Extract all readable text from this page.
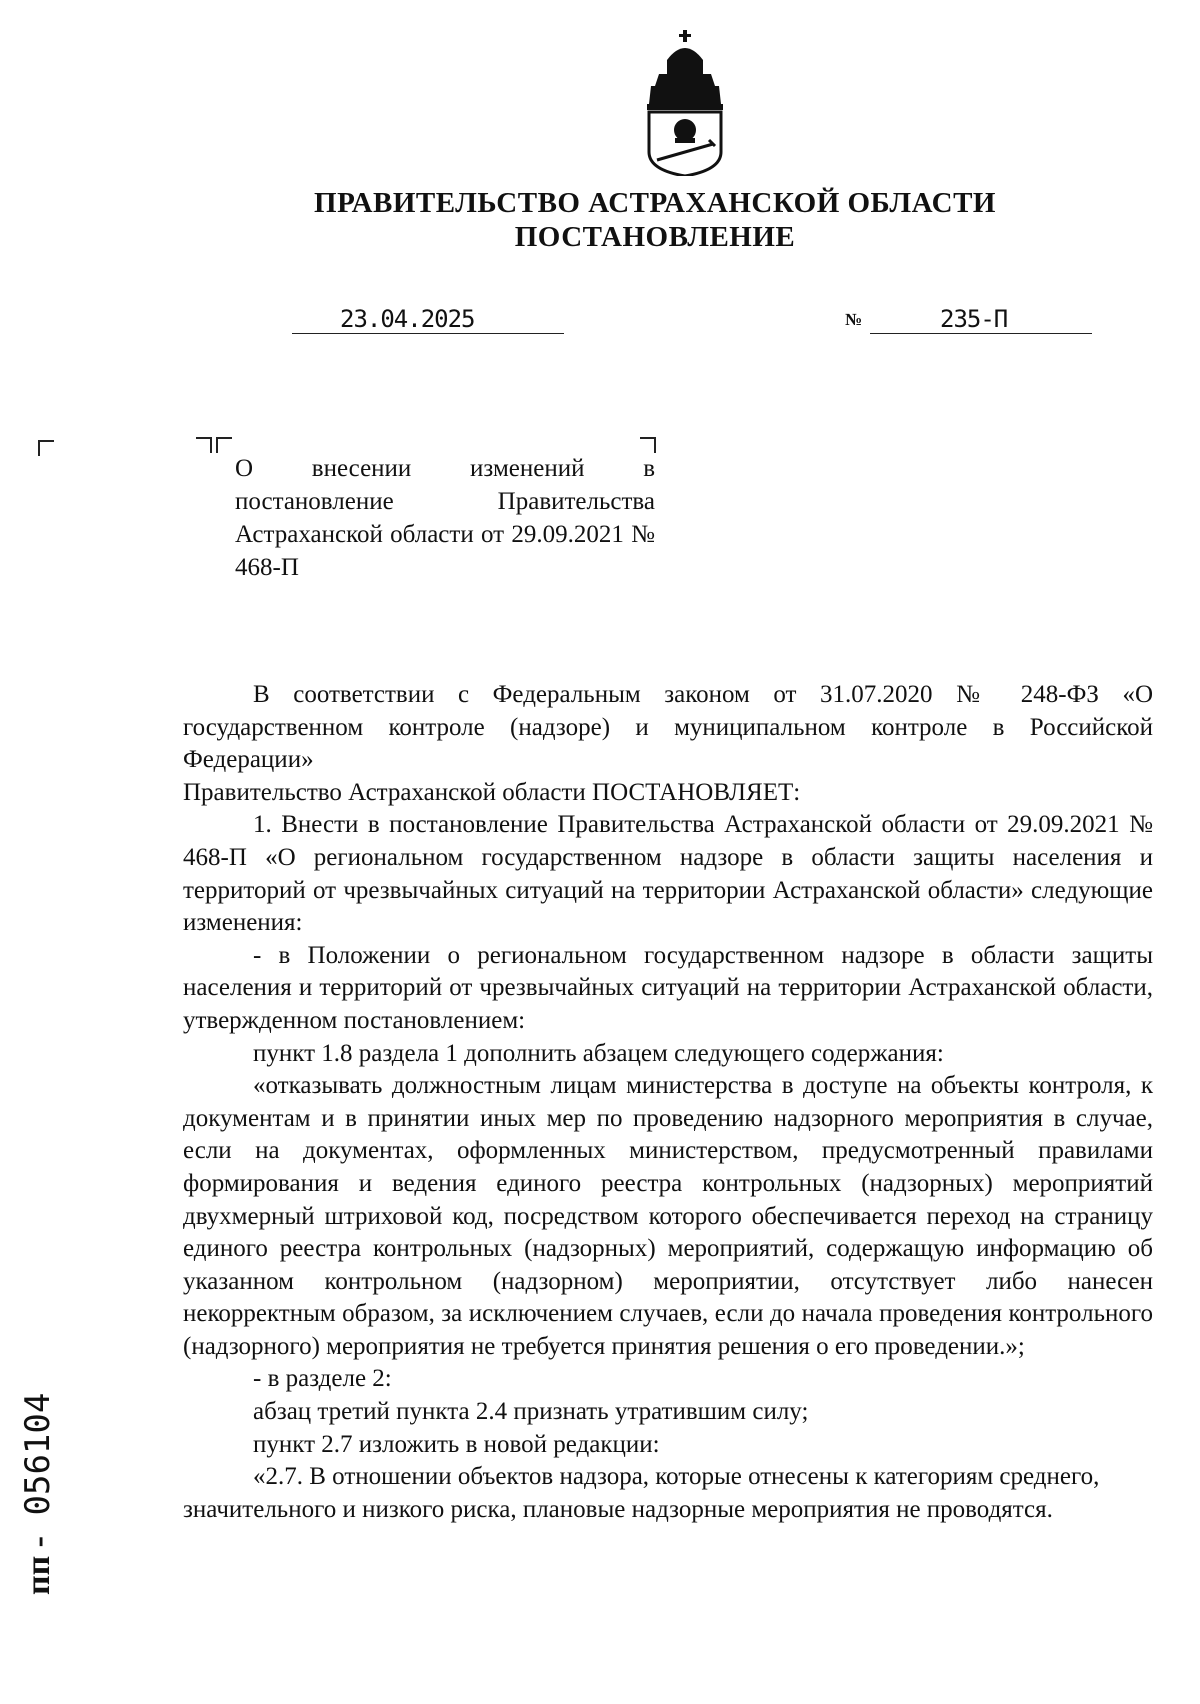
ПРАВИТЕЛЬСТВО АСТРАХАНСКОЙ ОБЛАСТИ
ПОСТАНОВЛЕНИЕ
23.04.2025	№	235-П
О внесении изменений в постановление Правительства Астраханской области от 29.09.2021 № 468-П

В соответствии с Федеральным законом от 31.07.2020 № 248-ФЗ «О государственном контроле (надзоре) и муниципальном контроле в Российской Федерации»

Правительство Астраханской области ПОСТАНОВЛЯЕТ:

1. Внести в постановление Правительства Астраханской области от 29.09.2021 № 468-П «О региональном государственном надзоре в области защиты населения и территорий от чрезвычайных ситуаций на территории Астраханской области» следующие изменения:

- в Положении о региональном государственном надзоре в области защиты населения и территорий от чрезвычайных ситуаций на территории Астраханской области, утвержденном постановлением:

пункт 1.8 раздела 1 дополнить абзацем следующего содержания:

«отказывать должностным лицам министерства в доступе на объекты контроля, к документам и в принятии иных мер по проведению надзорного мероприятия в случае, если на документах, оформленных министерством, предусмотренный правилами формирования и ведения единого реестра контрольных (надзорных) мероприятий двухмерный штриховой код, посредством которого обеспечивается переход на страницу единого реестра контрольных (надзорных) мероприятий, содержащую информацию об указанном контрольном (надзорном) мероприятии, отсутствует либо нанесен некорректным образом, за исключением случаев, если до начала проведения контрольного (надзорного) мероприятия не требуется принятия решения о его проведении.»;

- в разделе 2:

абзац третий пункта 2.4 признать утратившим силу;

пункт 2.7 изложить в новой редакции:

«2.7. В отношении объектов надзора, которые отнесены к категориям среднего, значительного и низкого риска, плановые надзорные мероприятия не проводятся.

пп - 056104
